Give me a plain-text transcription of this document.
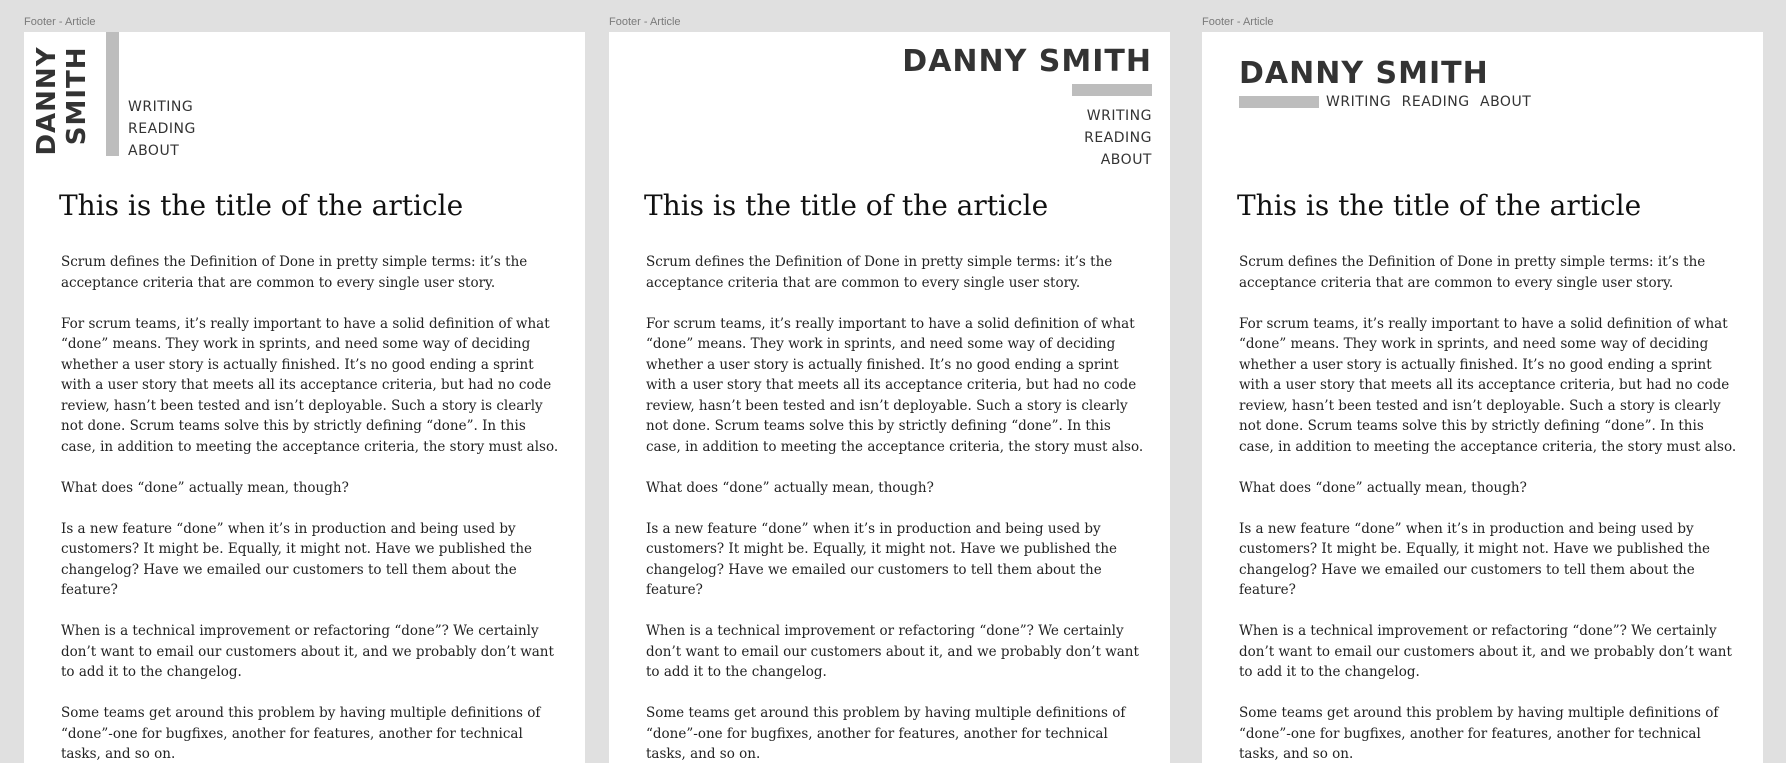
Footer - Article
DANNY
SMITH	WRITING
READING
ABOUT
This is the title of the article

Scrum defines the Definition of Done in pretty simple terms: it’s the acceptance criteria that are common to every single user story.

For scrum teams, it’s really important to have a solid definition of what “done” means. They work in sprints, and need some way of deciding whether a user story is actually finished. It’s no good ending a sprint with a user story that meets all its acceptance criteria, but had no code review, hasn’t been tested and isn’t deployable. Such a story is clearly not done. Scrum teams solve this by strictly defining “done”. In this case, in addition to meeting the acceptance criteria, the story must also.

What does “done” actually mean, though?

Is a new feature “done” when it’s in production and being used by customers? It might be. Equally, it might not. Have we published the changelog? Have we emailed our customers to tell them about the feature?

When is a technical improvement or refactoring “done”? We certainly don’t want to email our customers about it, and we probably don’t want to add it to the changelog.

Some teams get around this problem by having multiple definitions of “done”-one for bugfixes, another for features, another for technical tasks, and so on.

Footer - Article
DANNY SMITH
WRITING
READING
ABOUT
This is the title of the article

Scrum defines the Definition of Done in pretty simple terms: it’s the acceptance criteria that are common to every single user story.

For scrum teams, it’s really important to have a solid definition of what “done” means. They work in sprints, and need some way of deciding whether a user story is actually finished. It’s no good ending a sprint with a user story that meets all its acceptance criteria, but had no code review, hasn’t been tested and isn’t deployable. Such a story is clearly not done. Scrum teams solve this by strictly defining “done”. In this case, in addition to meeting the acceptance criteria, the story must also.

What does “done” actually mean, though?

Is a new feature “done” when it’s in production and being used by customers? It might be. Equally, it might not. Have we published the changelog? Have we emailed our customers to tell them about the feature?

When is a technical improvement or refactoring “done”? We certainly don’t want to email our customers about it, and we probably don’t want to add it to the changelog.

Some teams get around this problem by having multiple definitions of “done”-one for bugfixes, another for features, another for technical tasks, and so on.

Footer - Article
DANNY SMITH
WRITING READING ABOUT
This is the title of the article

Scrum defines the Definition of Done in pretty simple terms: it’s the acceptance criteria that are common to every single user story.

For scrum teams, it’s really important to have a solid definition of what “done” means. They work in sprints, and need some way of deciding whether a user story is actually finished. It’s no good ending a sprint with a user story that meets all its acceptance criteria, but had no code review, hasn’t been tested and isn’t deployable. Such a story is clearly not done. Scrum teams solve this by strictly defining “done”. In this case, in addition to meeting the acceptance criteria, the story must also.

What does “done” actually mean, though?

Is a new feature “done” when it’s in production and being used by customers? It might be. Equally, it might not. Have we published the changelog? Have we emailed our customers to tell them about the feature?

When is a technical improvement or refactoring “done”? We certainly don’t want to email our customers about it, and we probably don’t want to add it to the changelog.

Some teams get around this problem by having multiple definitions of “done”-one for bugfixes, another for features, another for technical tasks, and so on.
